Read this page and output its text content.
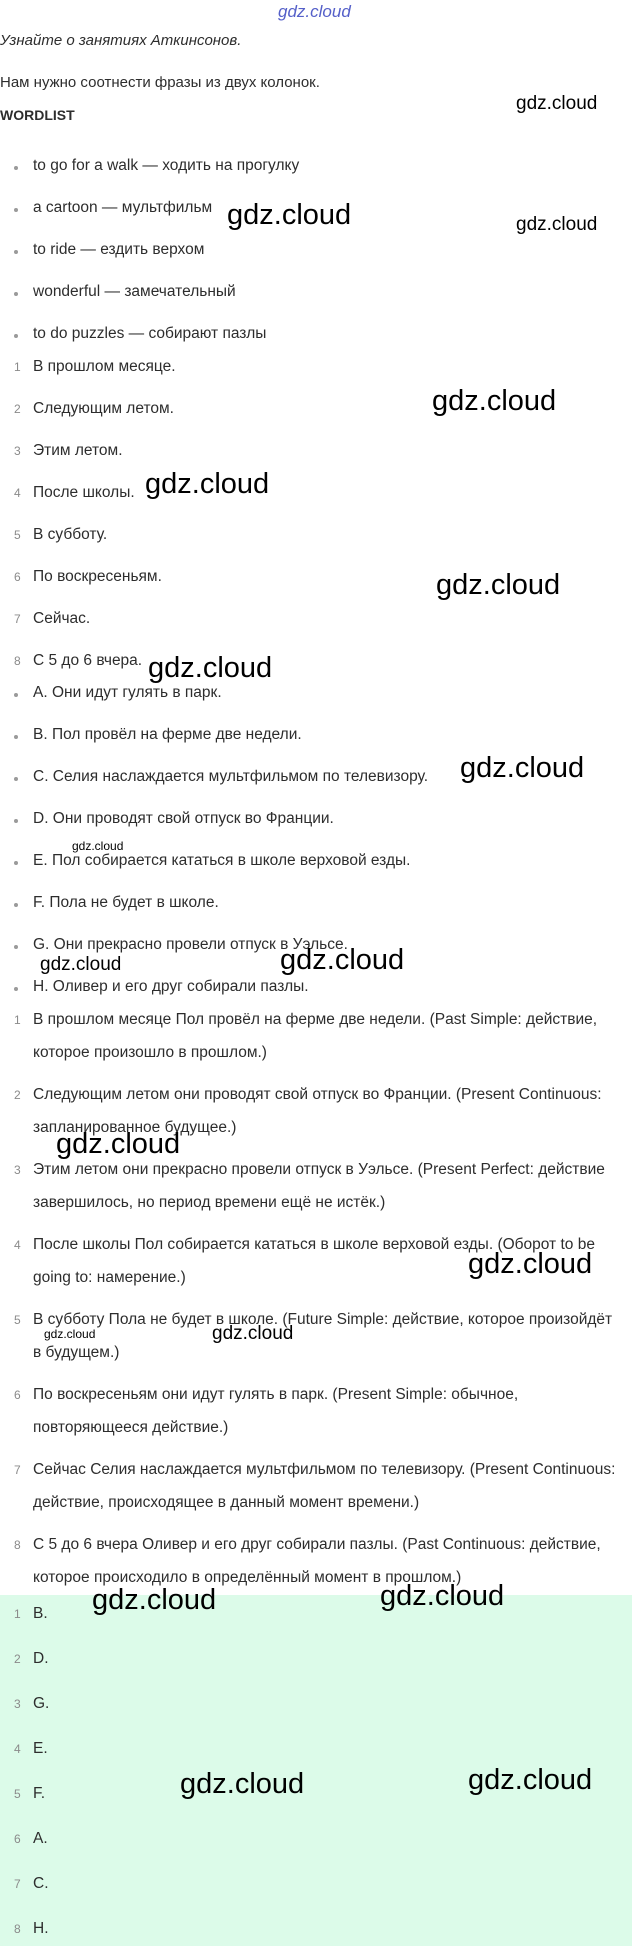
gdz.cloud
Узнайте о занятиях Аткинсонов.
Нам нужно соотнести фразы из двух колонок.
WORDLIST
to go for a walk — ходить на прогулку
a cartoon — мультфильм
to ride — ездить верхом
wonderful — замечательный
to do puzzles — собирают пазлы
1 В прошлом месяце.
2 Следующим летом.
3 Этим летом.
4 После школы.
5 В субботу.
6 По воскресеньям.
7 Сейчас.
8 С 5 до 6 вчера.
A. Они идут гулять в парк.
B. Пол провёл на ферме две недели.
C. Селия наслаждается мультфильмом по телевизору.
D. Они проводят свой отпуск во Франции.
E. Пол собирается кататься в школе верховой езды.
F. Пола не будет в школе.
G. Они прекрасно провели отпуск в Уэльсе.
H. Оливер и его друг собирали пазлы.
1 В прошлом месяце Пол провёл на ферме две недели. (Past Simple: действие, которое произошло в прошлом.)
2 Следующим летом они проводят свой отпуск во Франции. (Present Continuous: запланированное будущее.)
3 Этим летом они прекрасно провели отпуск в Уэльсе. (Present Perfect: действие завершилось, но период времени ещё не истёк.)
4 После школы Пол собирается кататься в школе верховой езды. (Оборот to be going to: намерение.)
5 В субботу Пола не будет в школе. (Future Simple: действие, которое произойдёт в будущем.)
6 По воскресеньям они идут гулять в парк. (Present Simple: обычное, повторяющееся действие.)
7 Сейчас Селия наслаждается мультфильмом по телевизору. (Present Continuous: действие, происходящее в данный момент времени.)
8 С 5 до 6 вчера Оливер и его друг собирали пазлы. (Past Continuous: действие, которое происходило в определённый момент в прошлом.)
1 B.
2 D.
3 G.
4 E.
5 F.
6 A.
7 C.
8 H.
gdz.cloud
gdz.cloud	gdz.cloud
gdz.cloud
gdz.cloud
gdz.cloud
gdz.cloud
gdz.cloud
gdz.cloud
gdz.cloud
gdz.cloud
gdz.cloud
gdz.cloud
gdz.cloud	gdz.cloud
gdz.cloud	gdz.cloud
gdz.cloud	gdz.cloud
